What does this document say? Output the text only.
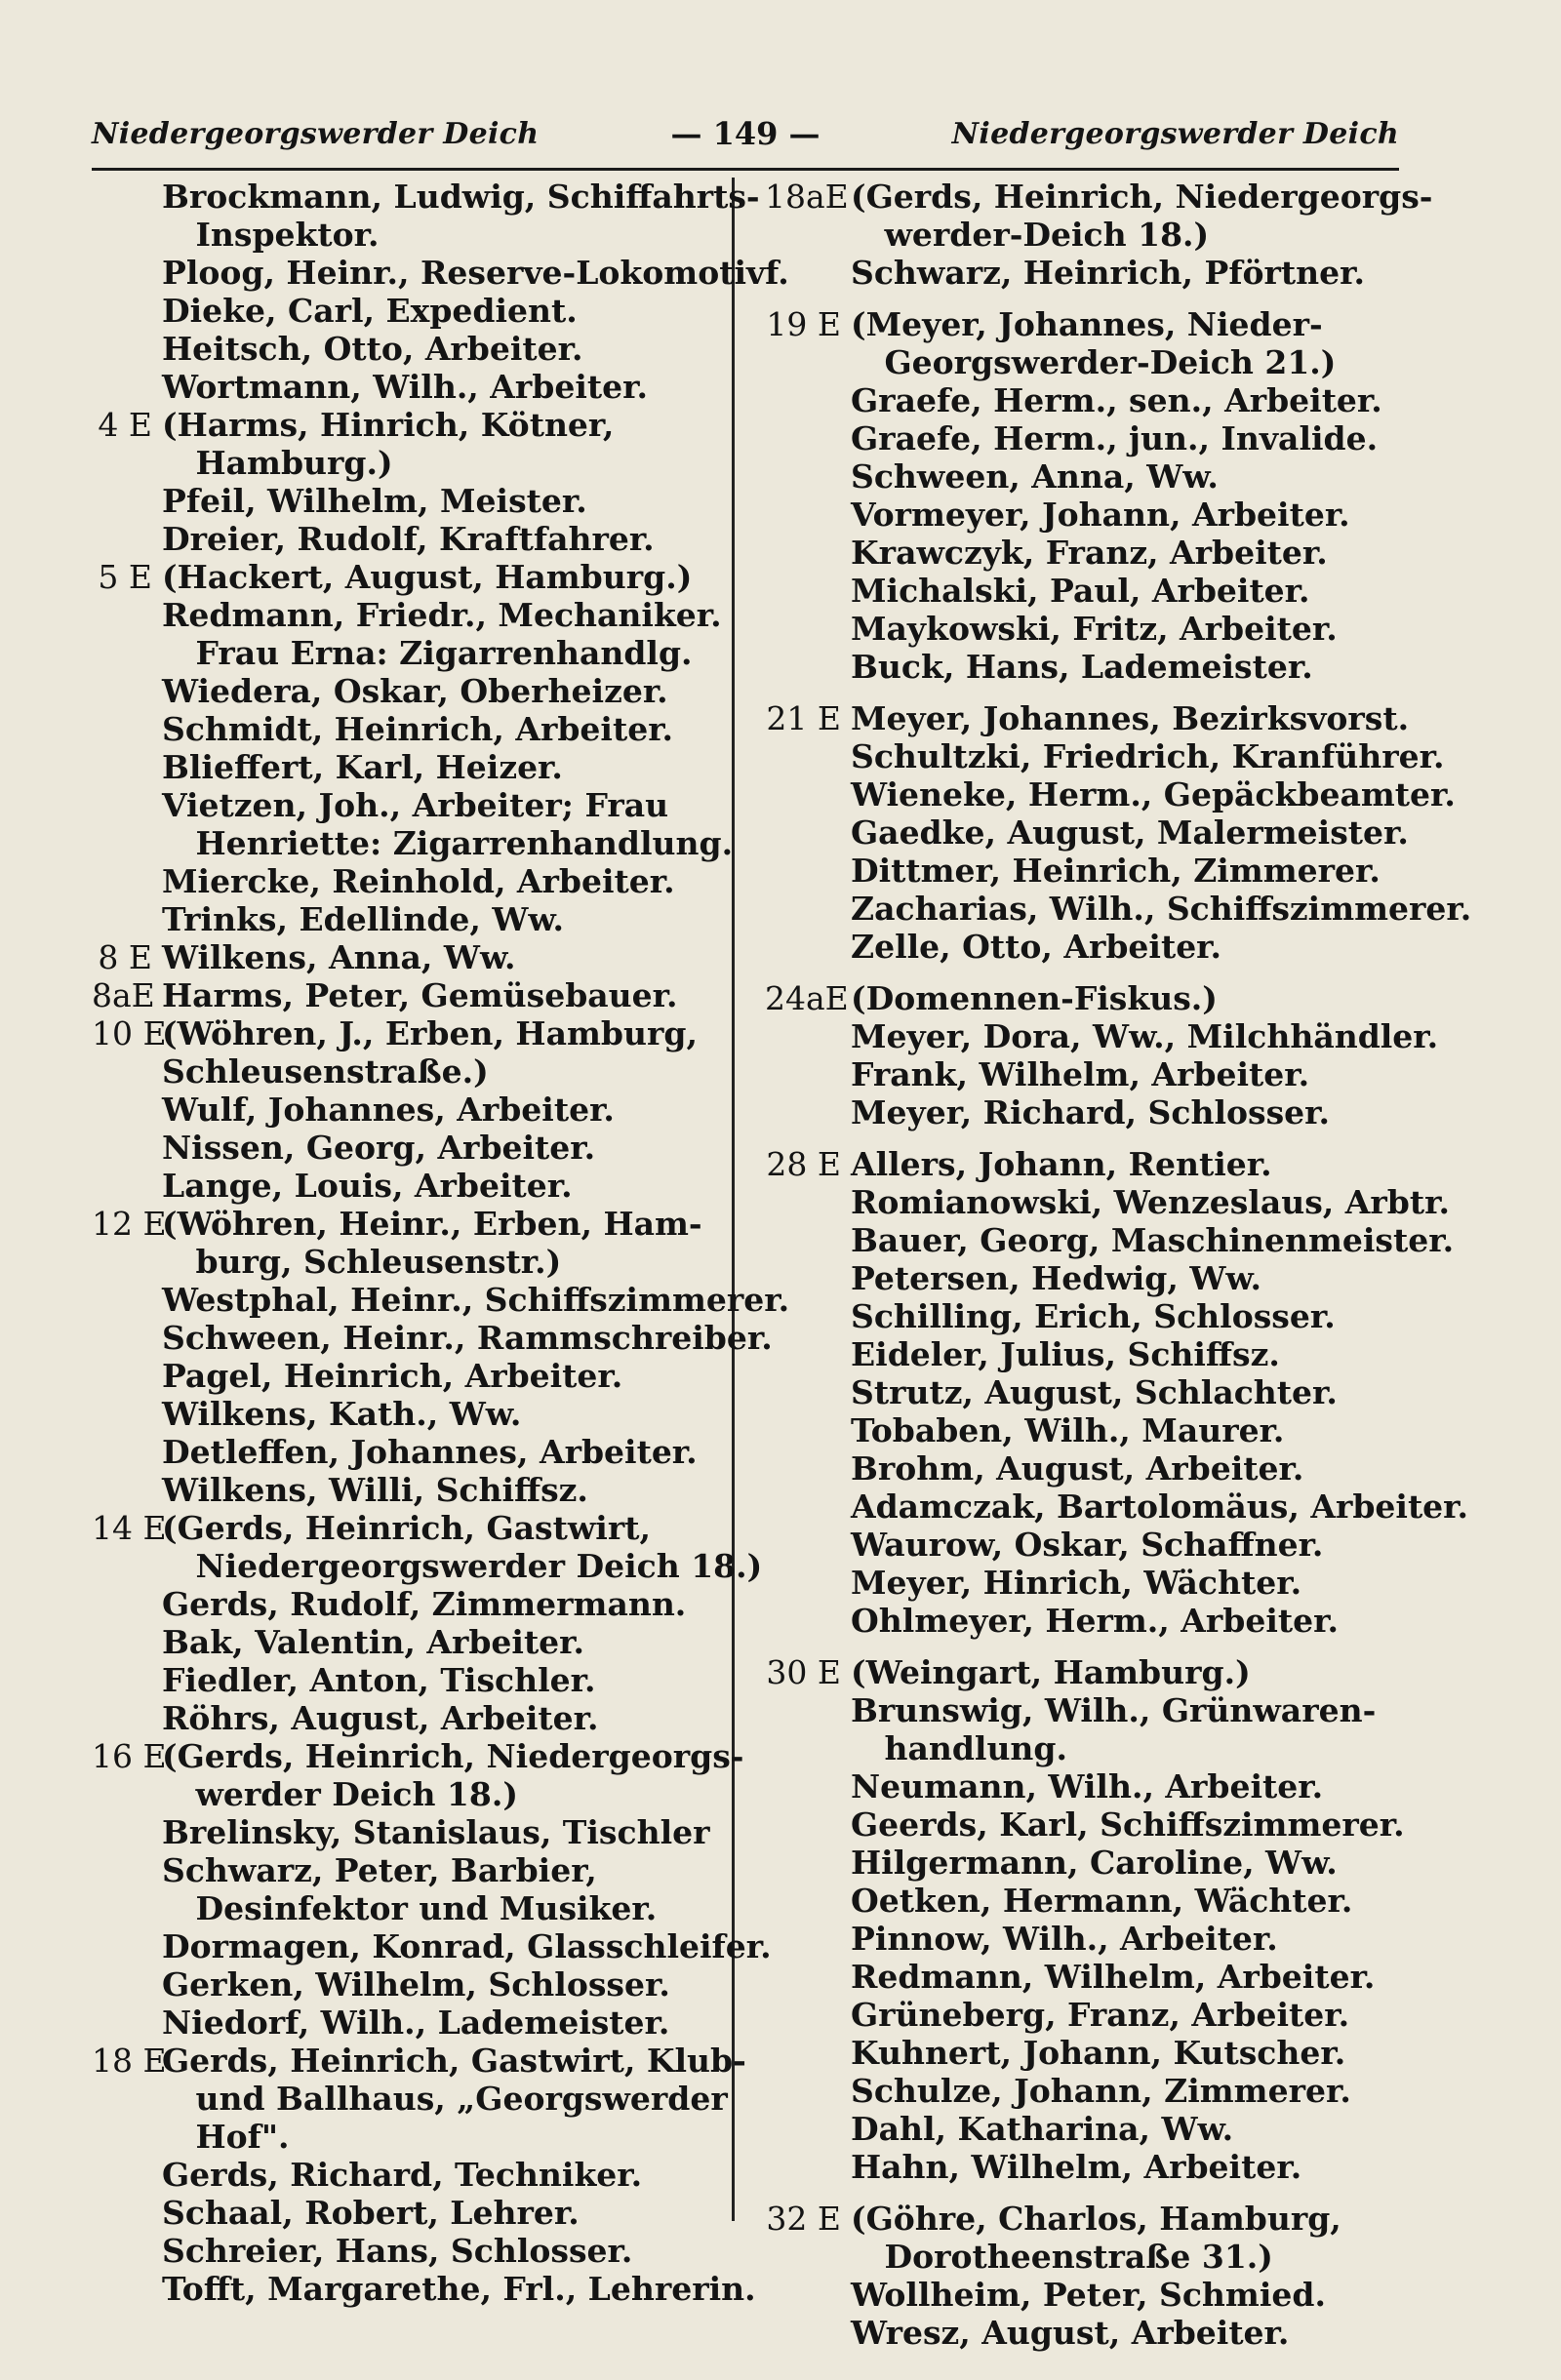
Niedergeorgswerder Deich	— 149 —	Niedergeorgswerder Deich
Brockmann, Ludwig, Schiffahrts-
Inspektor.
Ploog, Heinr., Reserve-Lokomotivf.
Dieke, Carl, Expedient.
Heitsch, Otto, Arbeiter.
Wortmann, Wilh., Arbeiter.
4 E (Harms, Hinrich, Kötner,
Hamburg.)
Pfeil, Wilhelm, Meister.
Dreier, Rudolf, Kraftfahrer.
5 E (Hackert, August, Hamburg.)
Redmann, Friedr., Mechaniker.
Frau Erna: Zigarrenhandlg.
Wiedera, Oskar, Oberheizer.
Schmidt, Heinrich, Arbeiter.
Blieffert, Karl, Heizer.
Vietzen, Joh., Arbeiter; Frau
Henriette: Zigarrenhandlung.
Miercke, Reinhold, Arbeiter.
Trinks, Edellinde, Ww.
8 E Wilkens, Anna, Ww.
8aE Harms, Peter, Gemüsebauer.
10 E
(Wöhren, J., Erben, Hamburg,
Schleusenstraße.)
Wulf, Johannes, Arbeiter.
Nissen, Georg, Arbeiter.
Lange, Louis, Arbeiter.
12 E
(Wöhren, Heinr., Erben, Ham-
burg, Schleusenstr.)
Westphal, Heinr., Schiffszimmerer.
Schween, Heinr., Rammschreiber.
Pagel, Heinrich, Arbeiter.
Wilkens, Kath., Ww.
Detleffen, Johannes, Arbeiter.
Wilkens, Willi, Schiffsz.
14 E
(Gerds, Heinrich, Gastwirt,
Niedergeorgswerder Deich 18.)
Gerds, Rudolf, Zimmermann.
Bak, Valentin, Arbeiter.
Fiedler, Anton, Tischler.
Röhrs, August, Arbeiter.
16 E
(Gerds, Heinrich, Niedergeorgs-
werder Deich 18.)
Brelinsky, Stanislaus, Tischler
Schwarz, Peter, Barbier,
Desinfektor und Musiker.
Dormagen, Konrad, Glasschleifer.
Gerken, Wilhelm, Schlosser.
Niedorf, Wilh., Lademeister.
18 E
Gerds, Heinrich, Gastwirt, Klub-
und Ballhaus, „Georgswerder
Hof".
Gerds, Richard, Techniker.
Schaal, Robert, Lehrer.
Schreier, Hans, Schlosser.
Tofft, Margarethe, Frl., Lehrerin.
18aE (Gerds, Heinrich, Niedergeorgs-
werder-Deich 18.)
Schwarz, Heinrich, Pförtner.
19 E (Meyer, Johannes, Nieder-
Georgswerder-Deich 21.)
Graefe, Herm., sen., Arbeiter.
Graefe, Herm., jun., Invalide.
Schween, Anna, Ww.
Vormeyer, Johann, Arbeiter.
Krawczyk, Franz, Arbeiter.
Michalski, Paul, Arbeiter.
Maykowski, Fritz, Arbeiter.
Buck, Hans, Lademeister.
21 E Meyer, Johannes, Bezirksvorst.
Schultzki, Friedrich, Kranführer.
Wieneke, Herm., Gepäckbeamter.
Gaedke, August, Malermeister.
Dittmer, Heinrich, Zimmerer.
Zacharias, Wilh., Schiffszimmerer.
Zelle, Otto, Arbeiter.
24aE (Domennen-Fiskus.)
Meyer, Dora, Ww., Milchhändler.
Frank, Wilhelm, Arbeiter.
Meyer, Richard, Schlosser.
28 E Allers, Johann, Rentier.
Romianowski, Wenzeslaus, Arbtr.
Bauer, Georg, Maschinenmeister.
Petersen, Hedwig, Ww.
Schilling, Erich, Schlosser.
Eideler, Julius, Schiffsz.
Strutz, August, Schlachter.
Tobaben, Wilh., Maurer.
Brohm, August, Arbeiter.
Adamczak, Bartolomäus, Arbeiter.
Waurow, Oskar, Schaffner.
Meyer, Hinrich, Wächter.
Ohlmeyer, Herm., Arbeiter.
30 E (Weingart, Hamburg.)
Brunswig, Wilh., Grünwaren-
handlung.
Neumann, Wilh., Arbeiter.
Geerds, Karl, Schiffszimmerer.
Hilgermann, Caroline, Ww.
Oetken, Hermann, Wächter.
Pinnow, Wilh., Arbeiter.
Redmann, Wilhelm, Arbeiter.
Grüneberg, Franz, Arbeiter.
Kuhnert, Johann, Kutscher.
Schulze, Johann, Zimmerer.
Dahl, Katharina, Ww.
Hahn, Wilhelm, Arbeiter.
32 E (Göhre, Charlos, Hamburg,
Dorotheenstraße 31.)
Wollheim, Peter, Schmied.
Wresz, August, Arbeiter.
